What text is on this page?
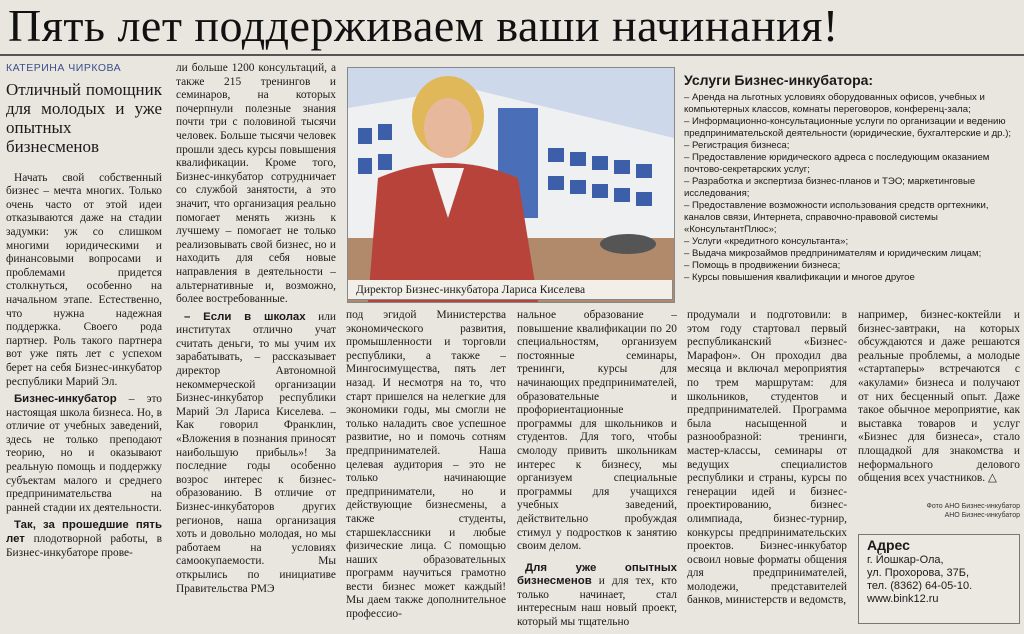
Пять лет поддерживаем ваши начинания!
КАТЕРИНА ЧИРКОВА
Отличный помощник для молодых и уже опытных бизнесменов

Начать свой собственный бизнес – мечта многих. Только очень часто от этой идеи отказываются даже на стадии задумки: уж со слишком многими юридическими и финансовыми вопросами и проблемами придется столкнуться, особенно на начальном этапе. Естественно, что нужна надежная поддержка. Своего рода партнер. Роль такого партнера вот уже пять лет с успехом берет на себя Бизнес-инкубатор республики Марий Эл.

Бизнес-инкубатор – это настоящая школа бизнеса. Но, в отличие от учебных заведений, здесь не только преподают теорию, но и оказывают реальную помощь и поддержку субъектам малого и среднего предпринимательства на ранней стадии их деятельности.

Так, за прошедшие пять лет плодотворной работы, в Бизнес-инкубаторе прове-

ли больше 1200 консультаций, а также 215 тренингов и семинаров, на которых почерпнули полезные знания почти три с половиной тысячи человек. Больше тысячи человек прошли здесь курсы повышения квалификации. Кроме того, Бизнес-инкубатор сотрудничает со службой занятости, а это значит, что организация реально помогает менять жизнь к лучшему – помогает не только реализовывать свой бизнес, но и находить для себя новые направления в деятельности – альтернативные и, возможно, более востребованные.

– Если в школах или институтах отлично учат считать деньги, то мы учим их зарабатывать, – рассказывает директор Автономной некоммерческой организации Бизнес-инкубатор республики Марий Эл Лариса Киселева. – Как говорил Франклин, «Вложения в познания приносят наибольшую прибыль»! За последние годы особенно возрос интерес к бизнес-образованию. В отличие от Бизнес-инкубаторов других регионов, наша организация хоть и довольно молодая, но мы работаем на условиях самоокупаемости. Мы открылись по инициативе Правительства РМЭ

Директор Бизнес-инкубатора Лариса Киселева

под эгидой Министерства экономического развития, промышленности и торговли республики, а также – Мингосимущества, пять лет назад. И несмотря на то, что старт пришелся на нелегкие для экономики годы, мы смогли не только наладить свое успешное развитие, но и помочь сотням предпринимателей. Наша целевая аудитория – это не только начинающие предприниматели, но и действующие бизнесмены, а также студенты, старшеклассники и любые физические лица. С помощью наших образовательных программ научиться грамотно вести бизнес может каждый! Мы даем также дополнительное профессио-

нальное образование – повышение квалификации по 20 специальностям, организуем постоянные семинары, тренинги, курсы для начинающих предпринимателей, образовательные и профориентационные программы для школьников и студентов. Для того, чтобы смолоду привить школьникам интерес к бизнесу, мы организуем специальные программы для учащихся учебных заведений, действительно пробуждая стимул у подростков к занятию своим делом.

Для уже опытных бизнесменов и для тех, кто только начинает, стал интересным наш новый проект, который мы тщательно

Услуги Бизнес-инкубатора:
– Аренда на льготных условиях оборудованных офисов, учебных и компьютерных классов, комнаты переговоров, конференц-зала;
– Информационно-консультационные услуги по организации и ведению предпринимательской деятельности (юридические, бухгалтерские и др.);
– Регистрация бизнеса;
– Предоставление юридического адреса с последующим оказанием почтово-секретарских услуг;
– Разработка и экспертиза бизнес-планов и ТЭО; маркетинговые исследования;
– Предоставление возможности использования средств оргтехники, каналов связи, Интернета, справочно-правовой системы «КонсультантПлюс»;
– Услуги «кредитного консультанта»;
– Выдача микрозаймов предпринимателям и юридическим лицам;
– Помощь в продвижении бизнеса;
– Курсы повышения квалификации и многое другое

продумали и подготовили: в этом году стартовал первый республиканский «Бизнес-Марафон». Он проходил два месяца и включал мероприятия по трем маршрутам: для школьников, студентов и предпринимателей. Программа была насыщенной и разнообразной: тренинги, мастер-классы, семинары от ведущих специалистов республики и страны, курсы по генерации идей и бизнес-проектированию, бизнес-олимпиада, бизнес-турнир, конкурсы предпринимательских проектов. Бизнес-инкубатор освоил новые форматы общения для предпринимателей, молодежи, представителей банков, министерств и ведомств,

например, бизнес-коктейли и бизнес-завтраки, на которых обсуждаются и даже решаются реальные проблемы, а молодые «стартаперы» встречаются с «акулами» бизнеса и получают от них бесценный опыт. Даже такое обычное мероприятие, как выставка товаров и услуг «Бизнес для бизнеса», стало площадкой для знакомства и неформального делового общения всех участников. △

Фото АНО Бизнес-инкубатор
АНО Бизнес-инкубатор
Адрес
г. Йошкар-Ола,
ул. Прохорова, 37Б,
тел. (8362) 64-05-10.
www.bink12.ru
